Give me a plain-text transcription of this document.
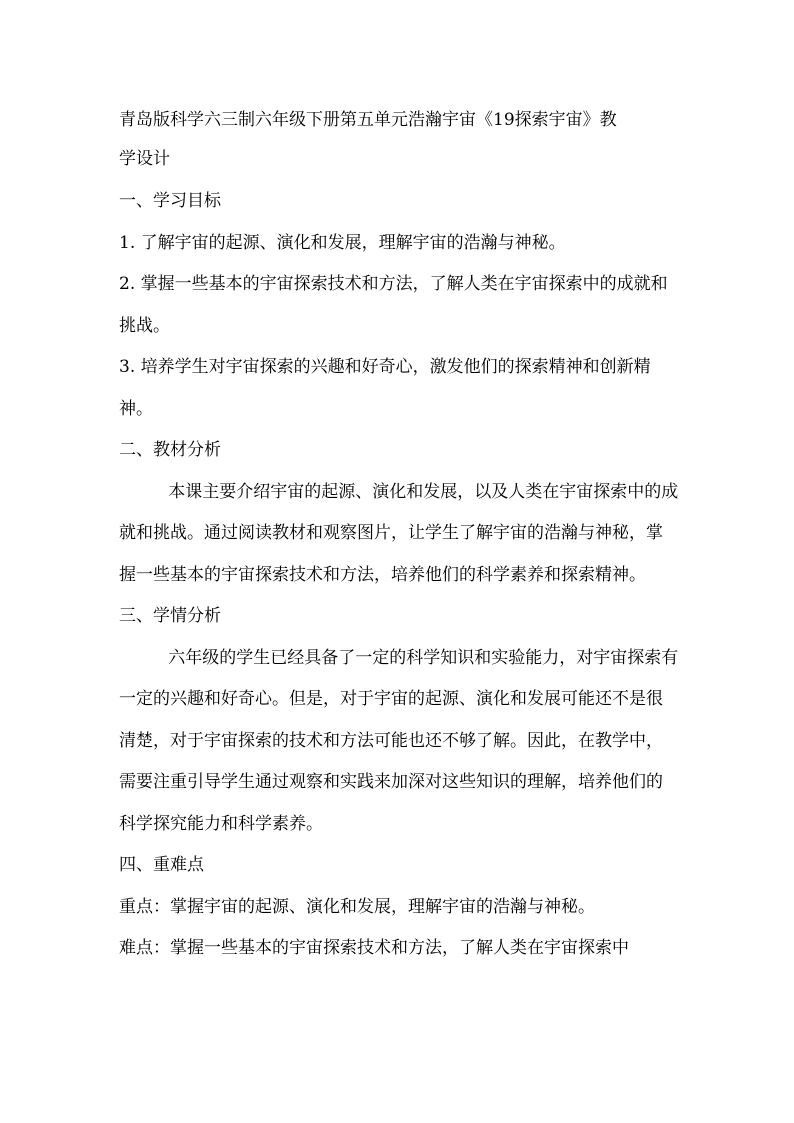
青岛版科学六三制六年级下册第五单元浩瀚宇宙《19探索宇宙》教

学设计

一、学习目标

1. 了解宇宙的起源、演化和发展，理解宇宙的浩瀚与神秘。

2. 掌握一些基本的宇宙探索技术和方法，了解人类在宇宙探索中的成就和挑战。

3. 培养学生对宇宙探索的兴趣和好奇心，激发他们的探索精神和创新精神。

二、教材分析

本课主要介绍宇宙的起源、演化和发展，以及人类在宇宙探索中的成就和挑战。通过阅读教材和观察图片，让学生了解宇宙的浩瀚与神秘，掌握一些基本的宇宙探索技术和方法，培养他们的科学素养和探索精神。

三、学情分析

六年级的学生已经具备了一定的科学知识和实验能力，对宇宙探索有一定的兴趣和好奇心。但是，对于宇宙的起源、演化和发展可能还不是很清楚，对于宇宙探索的技术和方法可能也还不够了解。因此，在教学中，需要注重引导学生通过观察和实践来加深对这些知识的理解，培养他们的科学探究能力和科学素养。

四、重难点

重点：掌握宇宙的起源、演化和发展，理解宇宙的浩瀚与神秘。

难点：掌握一些基本的宇宙探索技术和方法，了解人类在宇宙探索中
